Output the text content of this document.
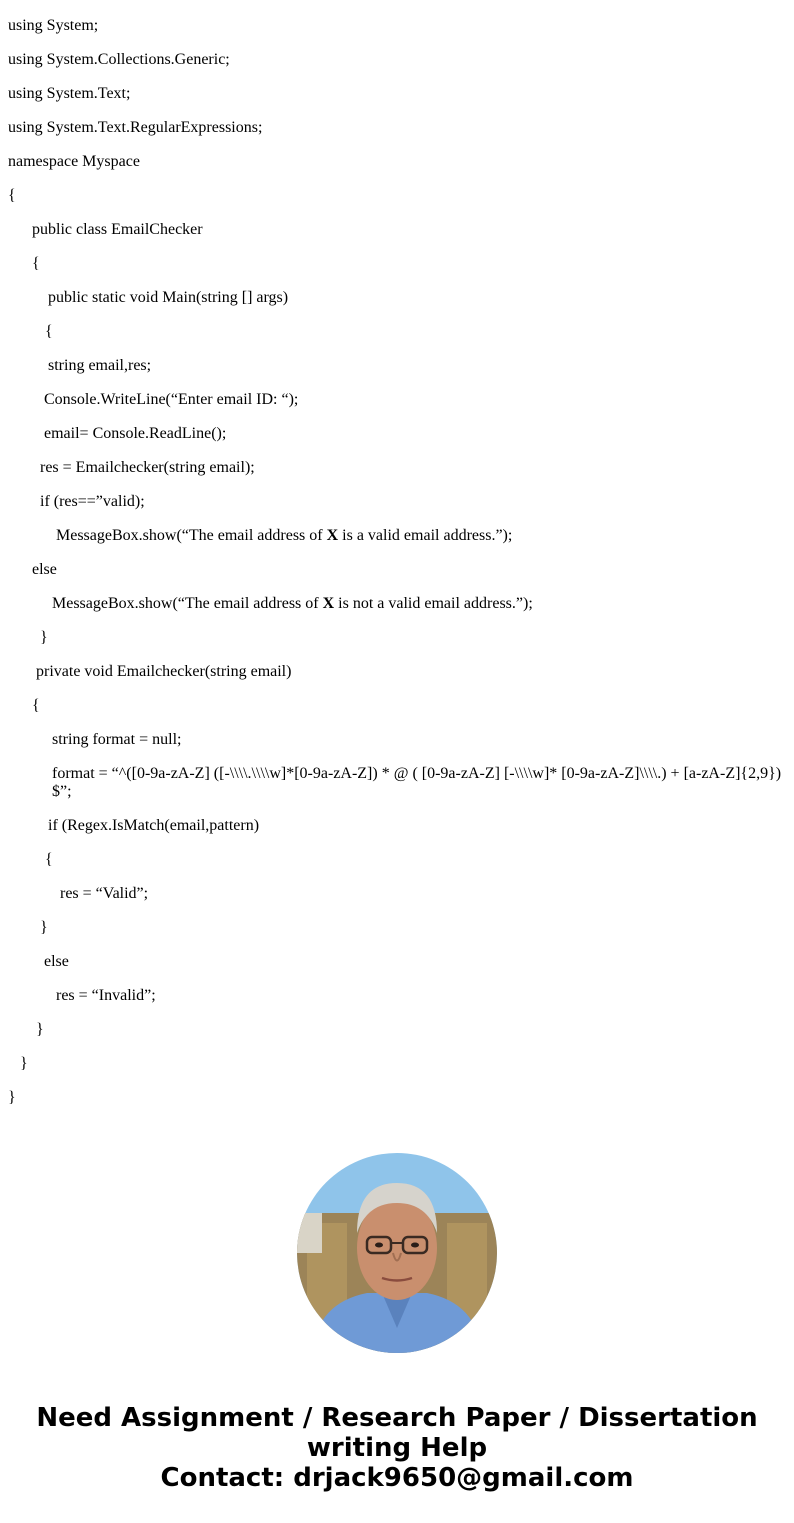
using System;
using System.Collections.Generic;
using System.Text;
using System.Text.RegularExpressions;
namespace Myspace
{
public class EmailChecker
{
public static void Main(string [] args)
{
string email,res;
Console.WriteLine(“Enter email ID: “);
email= Console.ReadLine();
res = Emailchecker(string email);
if (res==”valid);
MessageBox.show(“The email address of X is a valid email address.”);
else
MessageBox.show(“The email address of X is not a valid email address.”);
}
private void Emailchecker(string email)
{
string format = null;
format = “^([0-9a-zA-Z] ([-\\\\.\\\\w]*[0-9a-zA-Z]) * @ ( [0-9a-zA-Z] [-\\\\w]* [0-9a-zA-Z]\\\\.) + [a-zA-Z]{2,9})$”;
if (Regex.IsMatch(email,pattern)
{
res = “Valid”;
}
else
res = “Invalid”;
}
}
}
Need Assignment / Research Paper / Dissertation
writing Help
Contact: drjack9650@gmail.com
